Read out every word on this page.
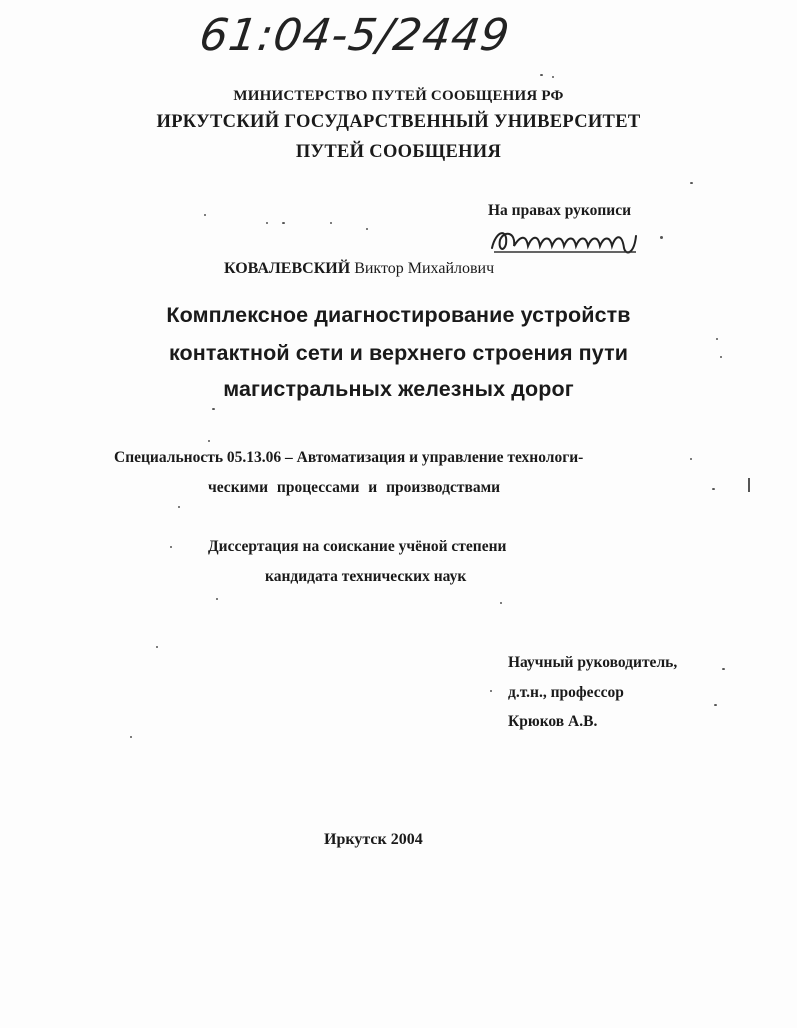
61:04-5/2449
МИНИСТЕРСТВО ПУТЕЙ СООБЩЕНИЯ РФ
ИРКУТСКИЙ ГОСУДАРСТВЕННЫЙ УНИВЕРСИТЕТ
ПУТЕЙ СООБЩЕНИЯ
На правах рукописи
КОВАЛЕВСКИЙ Виктор Михайлович
Комплексное диагностирование устройств
контактной сети и верхнего строения пути
магистральных железных дорог
Специальность 05.13.06 – Автоматизация и управление технологи-
ческими процессами и производствами
Диссертация на соискание учёной степени
кандидата технических наук
Научный руководитель,
д.т.н., профессор
Крюков А.В.
Иркутск 2004
